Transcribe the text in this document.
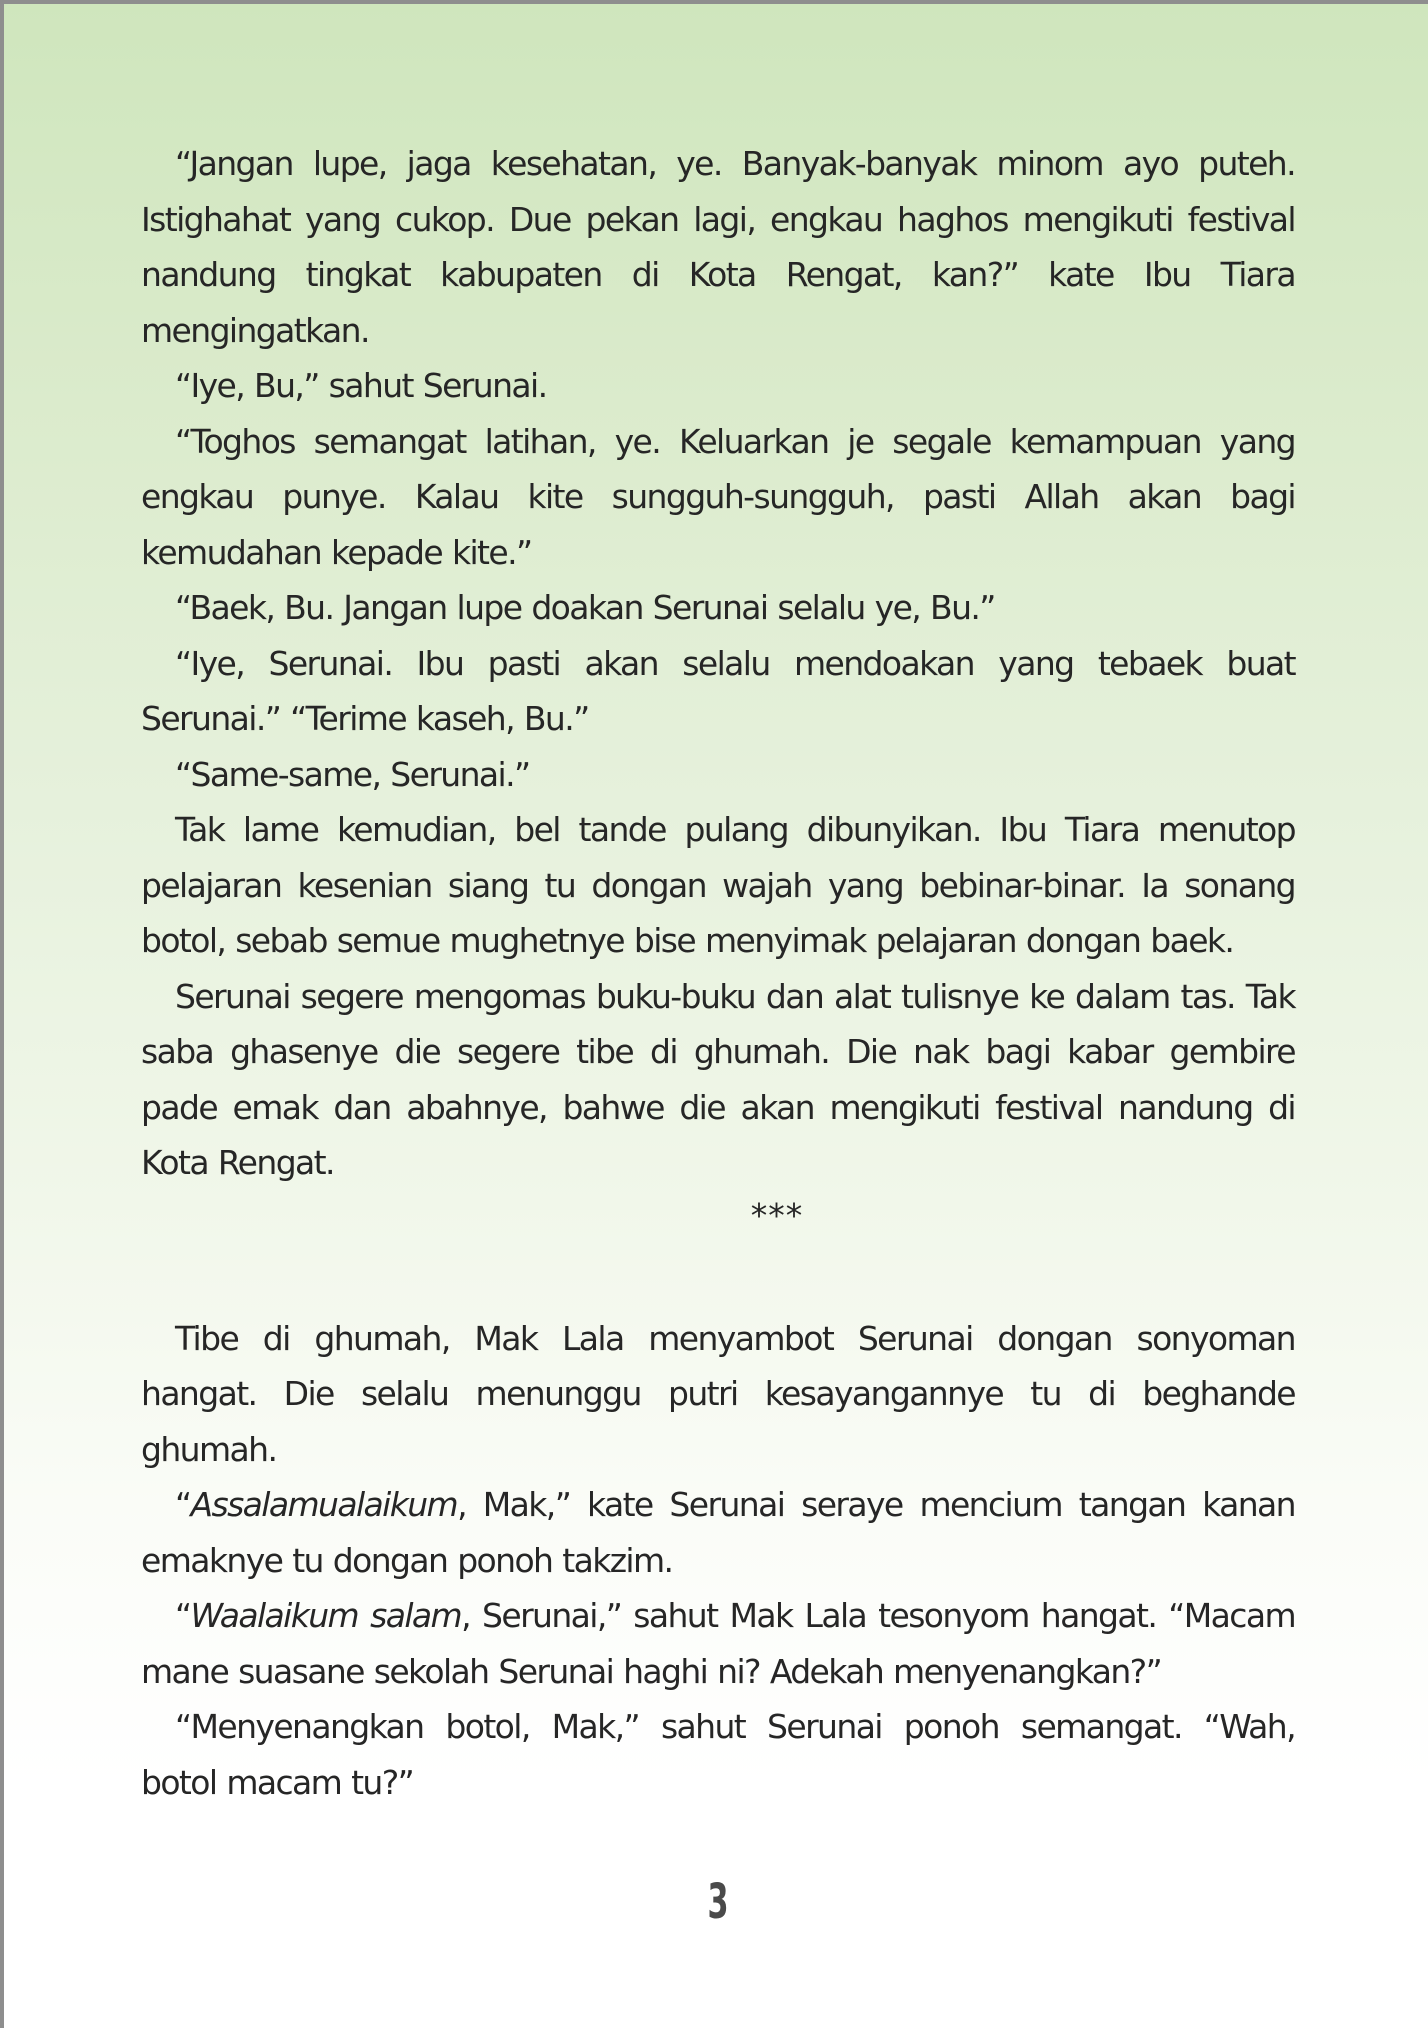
“Jangan lupe, jaga kesehatan, ye. Banyak-banyak minom ayo puteh. Istighahat yang cukop. Due pekan lagi, engkau haghos mengikuti festival nandung tingkat kabupaten di Kota Rengat, kan?” kate Ibu Tiara mengingatkan.

“Iye, Bu,” sahut Serunai.

“Toghos semangat latihan, ye. Keluarkan je segale kemampuan yang engkau punye. Kalau kite sungguh-sungguh, pasti Allah akan bagi kemudahan kepade kite.”

“Baek, Bu. Jangan lupe doakan Serunai selalu ye, Bu.”

“Iye, Serunai. Ibu pasti akan selalu mendoakan yang tebaek buat Serunai.” “Terime kaseh, Bu.”

“Same-same, Serunai.”

Tak lame kemudian, bel tande pulang dibunyikan. Ibu Tiara menutop pelajaran kesenian siang tu dongan wajah yang bebinar-binar. Ia sonang botol, sebab semue mughetnye bise menyimak pelajaran dongan baek.

Serunai segere mengomas buku-buku dan alat tulisnye ke dalam tas. Tak saba ghasenye die segere tibe di ghumah. Die nak bagi kabar gembire pade emak dan abahnye, bahwe die akan mengikuti festival nandung di Kota Rengat.

***

Tibe di ghumah, Mak Lala menyambot Serunai dongan sonyoman hangat. Die selalu menunggu putri kesayangannye tu di beghande ghumah.

“Assalamualaikum, Mak,” kate Serunai seraye mencium tangan kanan emaknye tu dongan ponoh takzim.

“Waalaikum salam, Serunai,” sahut Mak Lala tesonyom hangat. “Macam mane suasane sekolah Serunai haghi ni? Adekah menyenangkan?”

“Menyenangkan botol, Mak,” sahut Serunai ponoh semangat. “Wah, botol macam tu?”

3
